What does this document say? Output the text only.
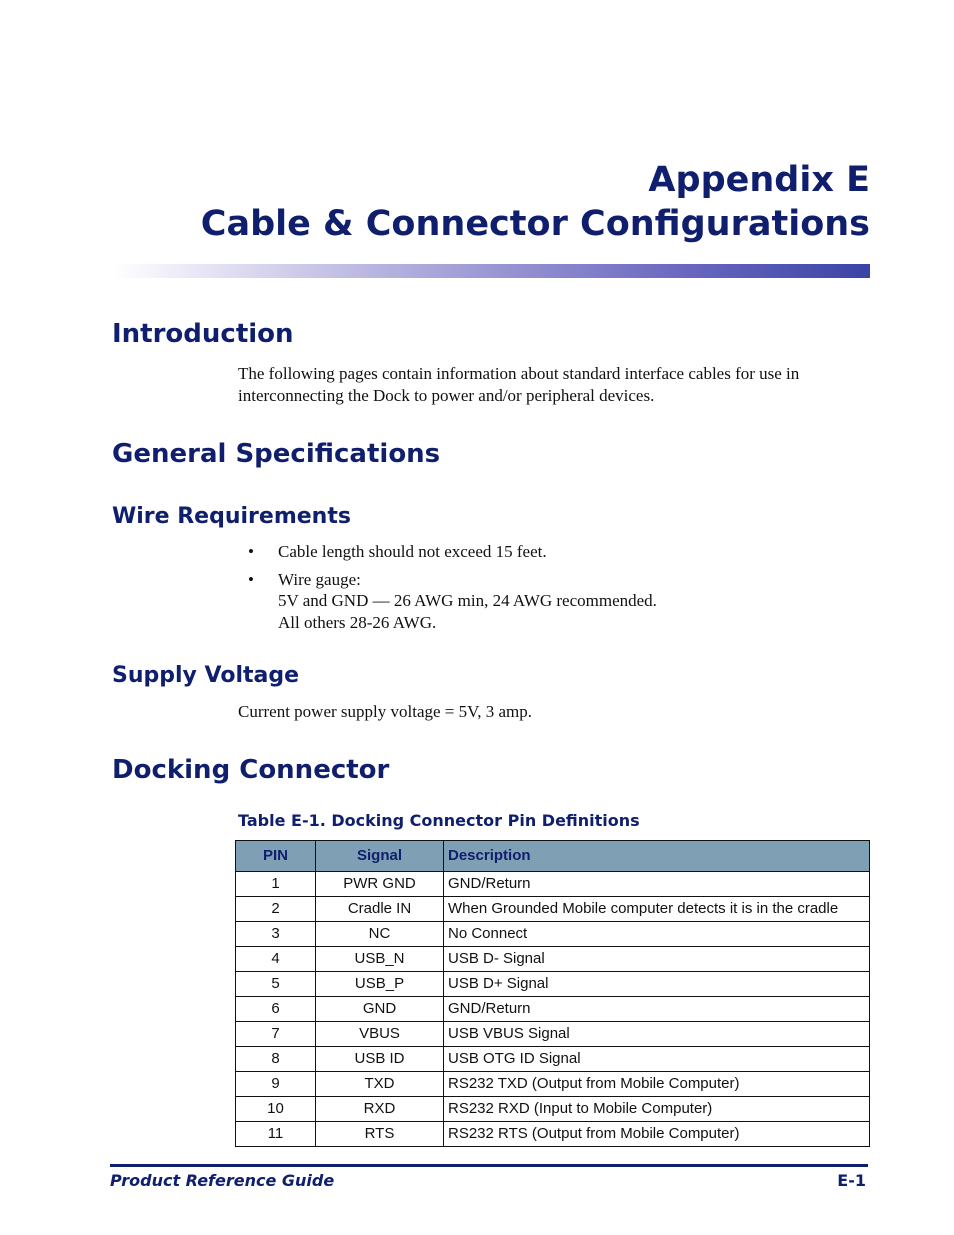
Appendix E
Cable & Connector Configurations
Introduction

The following pages contain information about standard interface cables for use in interconnecting the Dock to power and/or peripheral devices.

General Specifications
Wire Requirements
• Cable length should not exceed 15 feet.
• Wire gauge:
5V and GND — 26 AWG min, 24 AWG recommended.
All others 28-26 AWG.
Supply Voltage

Current power supply voltage = 5V, 3 amp.

Docking Connector

Table E-1. Docking Connector Pin Definitions

PIN	Signal	Description
1	PWR GND	GND/Return
2	Cradle IN	When Grounded Mobile computer detects it is in the cradle
3	NC	No Connect
4	USB_N	USB D- Signal
5	USB_P	USB D+ Signal
6	GND	GND/Return
7	VBUS	USB VBUS Signal
8	USB ID	USB OTG ID Signal
9	TXD	RS232 TXD (Output from Mobile Computer)
10	RXD	RS232 RXD (Input to Mobile Computer)
11	RTS	RS232 RTS (Output from Mobile Computer)
Product Reference Guide	E-1
